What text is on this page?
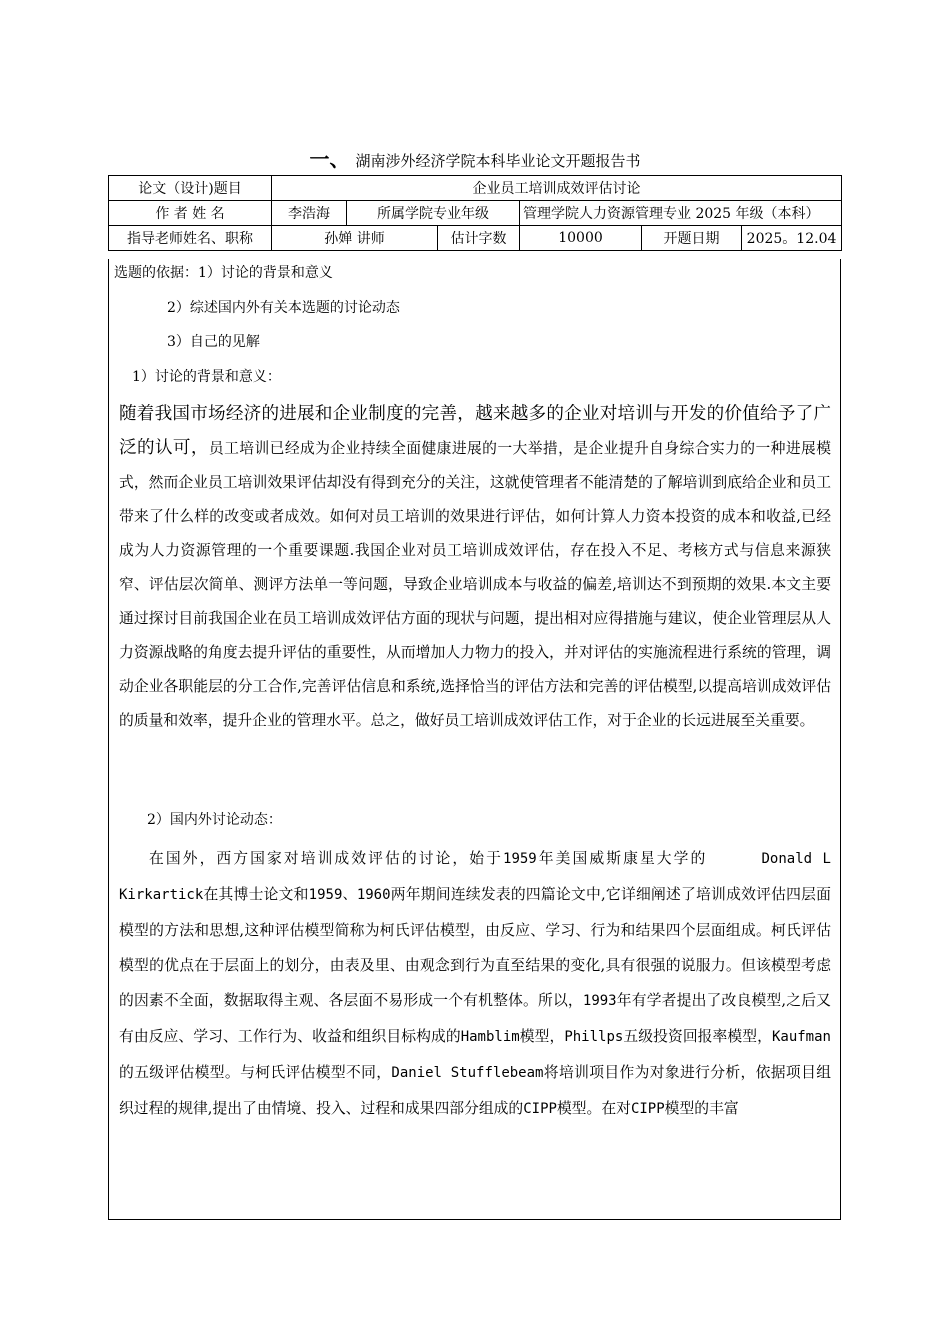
一、 湖南涉外经济学院本科毕业论文开题报告书
论文（设计)题目	企业员工培训成效评估讨论					
作 者 姓 名	李浩海	所属学院专业年级		管理学院人力资源管理专业 2025 年级（本科）		
指导老师姓名、职称	孙婵 讲师		估计字数	10000	开题日期	2025。12.04
选题的依据：1）讨论的背景和意义
2）综述国内外有关本选题的讨论动态
3）自己的见解
1）讨论的背景和意义：
随着我国市场经济的进展和企业制度的完善，越来越多的企业对培训与开发的价值给予了广泛的认可，员工培训已经成为企业持续全面健康进展的一大举措，是企业提升自身综合实力的一种进展模式，然而企业员工培训效果评估却没有得到充分的关注，这就使管理者不能清楚的了解培训到底给企业和员工带来了什么样的改变或者成效。如何对员工培训的效果进行评估，如何计算人力资本投资的成本和收益,已经成为人力资源管理的一个重要课题.我国企业对员工培训成效评估，存在投入不足、考核方式与信息来源狭窄、评估层次简单、测评方法单一等问题，导致企业培训成本与收益的偏差,培训达不到预期的效果.本文主要通过探讨目前我国企业在员工培训成效评估方面的现状与问题，提出相对应得措施与建议，使企业管理层从人力资源战略的角度去提升评估的重要性，从而增加人力物力的投入，并对评估的实施流程进行系统的管理，调动企业各职能层的分工合作,完善评估信息和系统,选择恰当的评估方法和完善的评估模型,以提高培训成效评估的质量和效率，提升企业的管理水平。总之，做好员工培训成效评估工作，对于企业的长远进展至关重要。
2）国内外讨论动态：
在国外，西方国家对培训成效评估的讨论，始于1959年美国威斯康星大学的	Donald L Kirkartick在其博士论文和1959、1960两年期间连续发表的四篇论文中,它详细阐述了培训成效评估四层面模型的方法和思想,这种评估模型简称为柯氏评估模型，由反应、学习、行为和结果四个层面组成。柯氏评估模型的优点在于层面上的划分，由表及里、由观念到行为直至结果的变化,具有很强的说服力。但该模型考虑的因素不全面，数据取得主观、各层面不易形成一个有机整体。所以，1993年有学者提出了改良模型,之后又有由反应、学习、工作行为、收益和组织目标构成的Hamblim模型，Phillps五级投资回报率模型，Kaufman的五级评估模型。与柯氏评估模型不同，Daniel Stufflebeam将培训项目作为对象进行分析，依据项目组织过程的规律,提出了由情境、投入、过程和成果四部分组成的CIPP模型。在对CIPP模型的丰富
